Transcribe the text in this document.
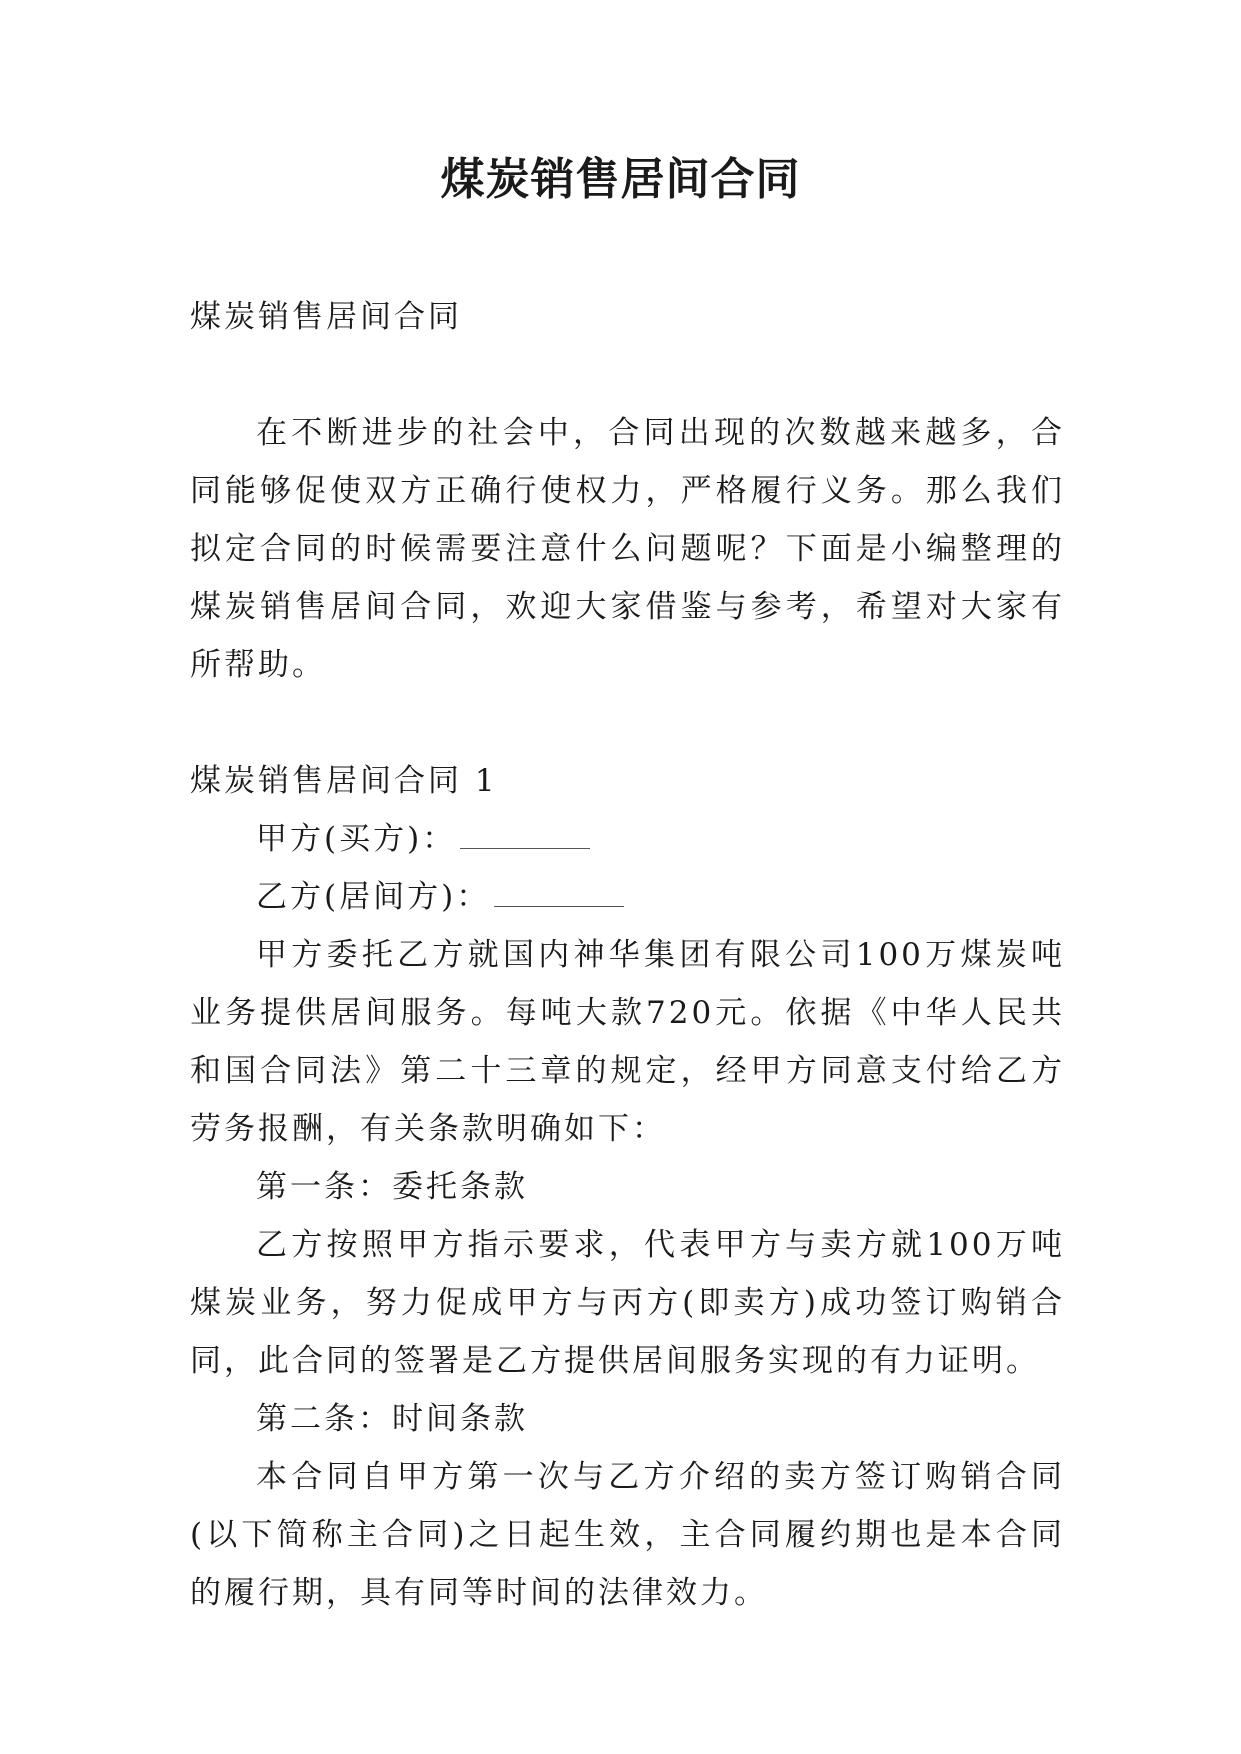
煤炭销售居间合同

煤炭销售居间合同

在不断进步的社会中，合同出现的次数越来越多，合同能够促使双方正确行使权力，严格履行义务。那么我们拟定合同的时候需要注意什么问题呢？下面是小编整理的煤炭销售居间合同，欢迎大家借鉴与参考，希望对大家有所帮助。

煤炭销售居间合同 1

甲方(买方)：

乙方(居间方)：

甲方委托乙方就国内神华集团有限公司100万煤炭吨业务提供居间服务。每吨大款720元。依据《中华人民共和国合同法》第二十三章的规定，经甲方同意支付给乙方劳务报酬，有关条款明确如下：

第一条：委托条款

乙方按照甲方指示要求，代表甲方与卖方就100万吨煤炭业务，努力促成甲方与丙方(即卖方)成功签订购销合同，此合同的签署是乙方提供居间服务实现的有力证明。

第二条：时间条款

本合同自甲方第一次与乙方介绍的卖方签订购销合同(以下简称主合同)之日起生效，主合同履约期也是本合同的履行期，具有同等时间的法律效力。
